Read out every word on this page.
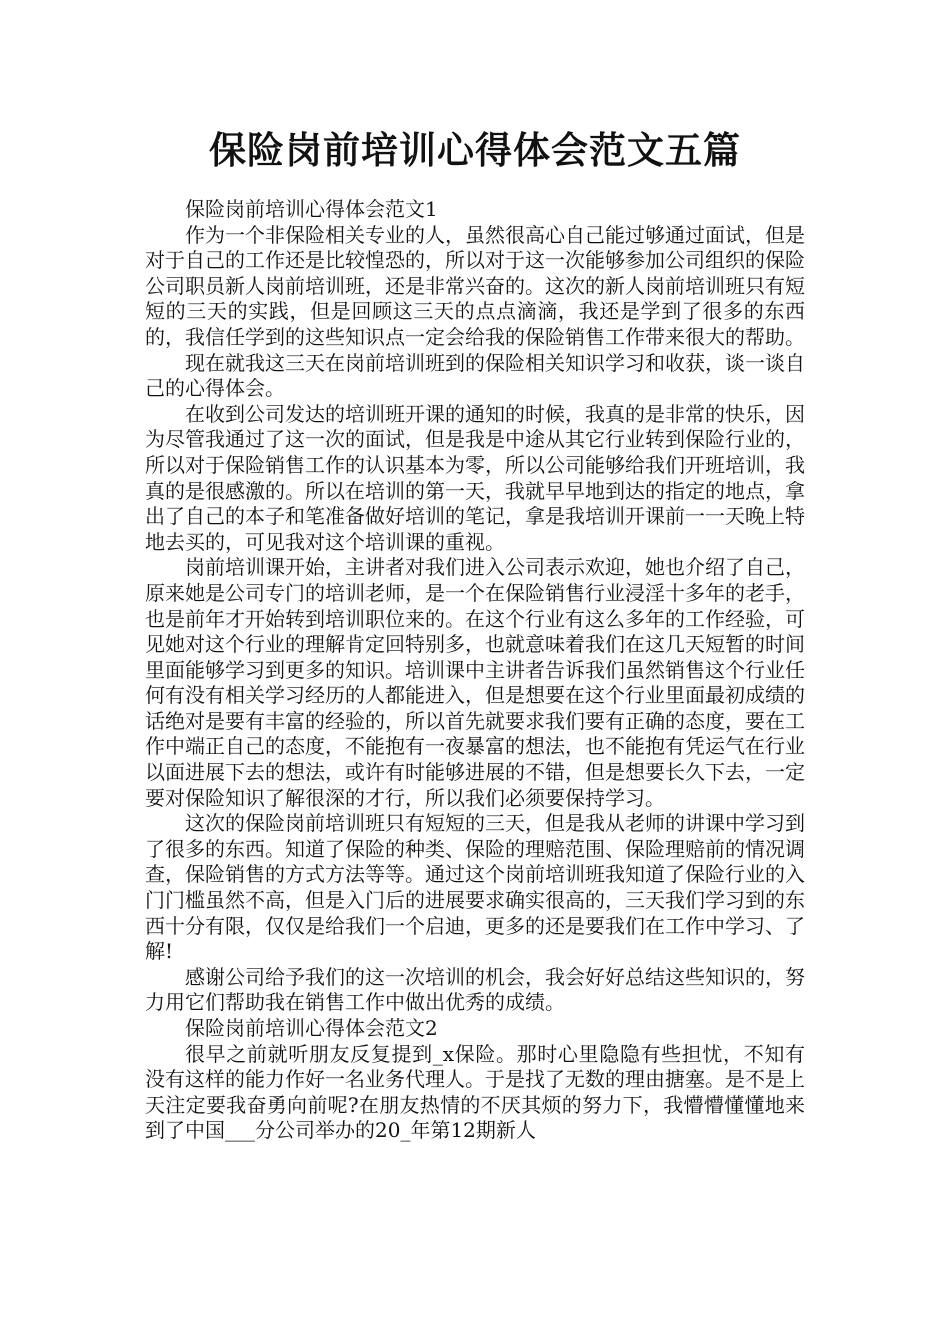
保险岗前培训心得体会范文五篇

保险岗前培训心得体会范文1

作为一个非保险相关专业的人，虽然很高心自己能过够通过面试，但是对于自己的工作还是比较惶恐的，所以对于这一次能够参加公司组织的保险公司职员新人岗前培训班，还是非常兴奋的。这次的新人岗前培训班只有短短的三天的实践，但是回顾这三天的点点滴滴，我还是学到了很多的东西的，我信任学到的这些知识点一定会给我的保险销售工作带来很大的帮助。

现在就我这三天在岗前培训班到的保险相关知识学习和收获，谈一谈自己的心得体会。

在收到公司发达的培训班开课的通知的时候，我真的是非常的快乐，因为尽管我通过了这一次的面试，但是我是中途从其它行业转到保险行业的，所以对于保险销售工作的认识基本为零，所以公司能够给我们开班培训，我真的是很感激的。所以在培训的第一天，我就早早地到达的指定的地点，拿出了自己的本子和笔准备做好培训的笔记，拿是我培训开课前一一天晚上特地去买的，可见我对这个培训课的重视。

岗前培训课开始，主讲者对我们进入公司表示欢迎，她也介绍了自己，原来她是公司专门的培训老师，是一个在保险销售行业浸淫十多年的老手，也是前年才开始转到培训职位来的。在这个行业有这么多年的工作经验，可见她对这个行业的理解肯定回特别多，也就意味着我们在这几天短暂的时间里面能够学习到更多的知识。培训课中主讲者告诉我们虽然销售这个行业任何有没有相关学习经历的人都能进入，但是想要在这个行业里面最初成绩的话绝对是要有丰富的经验的，所以首先就要求我们要有正确的态度，要在工作中端正自己的态度，不能抱有一夜暴富的想法，也不能抱有凭运气在行业以面进展下去的想法，或许有时能够进展的不错，但是想要长久下去，一定要对保险知识了解很深的才行，所以我们必须要保持学习。

这次的保险岗前培训班只有短短的三天，但是我从老师的讲课中学习到了很多的东西。知道了保险的种类、保险的理赔范围、保险理赔前的情况调查，保险销售的方式方法等等。通过这个岗前培训班我知道了保险行业的入门门槛虽然不高，但是入门后的进展要求确实很高的，三天我们学习到的东西十分有限，仅仅是给我们一个启迪，更多的还是要我们在工作中学习、了解!

感谢公司给予我们的这一次培训的机会，我会好好总结这些知识的，努力用它们帮助我在销售工作中做出优秀的成绩。

保险岗前培训心得体会范文2

很早之前就听朋友反复提到_x保险。那时心里隐隐有些担忧，不知有没有这样的能力作好一名业务代理人。于是找了无数的理由搪塞。是不是上天注定要我奋勇向前呢?在朋友热情的不厌其烦的努力下，我懵懵懂懂地来到了中国___分公司举办的20_年第12期新人
